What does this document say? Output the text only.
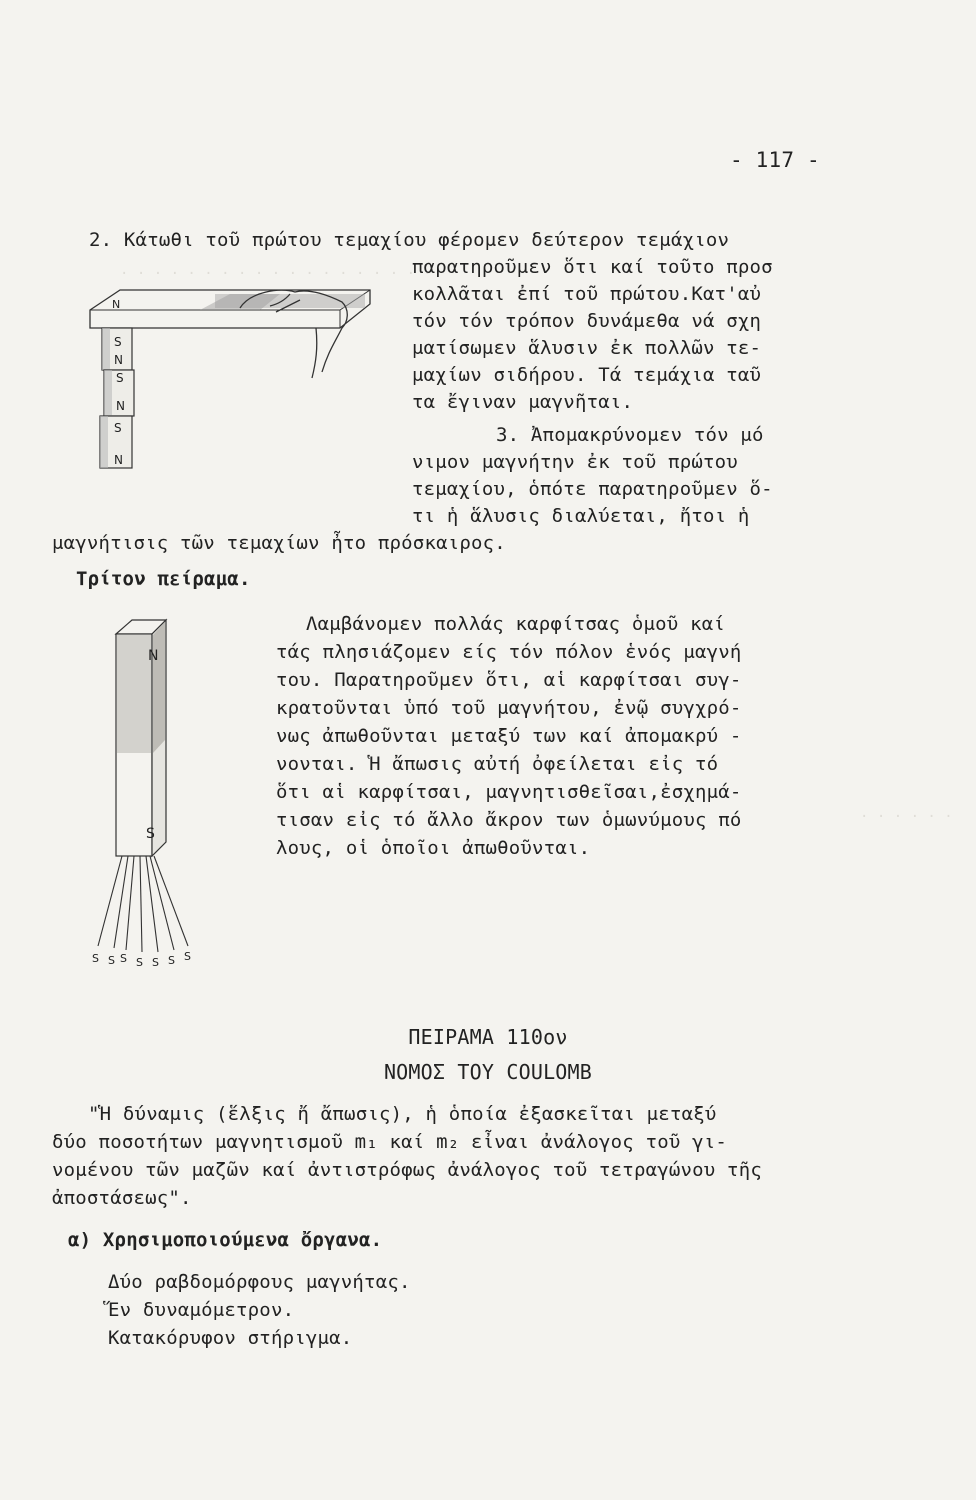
. . . . . . . . . . . . . . . . . . .
. . . . . .
- 117 -
2. Κάτωθι τοῦ πρώτου τεμαχίου φέρομεν δεύτερον τεμάχιον
παρατηροῦμεν ὅτι καί τοῦτο προσ
κολλᾶται ἐπί τοῦ πρώτου.Κατ'αὐ
τόν τόν τρόπον δυνάμεθα νά σχη
ματίσωμεν ἅλυσιν ἐκ πολλῶν τε-
μαχίων σιδήρου. Τά τεμάχια ταῦ
τα ἔγιναν μαγνῆται.
3. Ἀπομακρύνομεν τόν μό
νιμον μαγνήτην ἐκ τοῦ πρώτου
τεμαχίου, ὁπότε παρατηροῦμεν ὅ-
τι ἡ ἅλυσις διαλύεται, ἤτοι ἡ
μαγνήτισις τῶν τεμαχίων ἦτο πρόσκαιρος.
Τρίτον πείραμα.
Λαμβάνομεν πολλάς καρφίτσας ὁμοῦ καί
τάς πλησιάζομεν είς τόν πόλον ἑνός μαγνή
του. Παρατηροῦμεν ὅτι, αἱ καρφίτσαι συγ-
κρατοῦνται ὑπό τοῦ μαγνήτου, ἐνῷ συγχρό-
νως ἀπωθοῦνται μεταξύ των καί ἀπομακρύ -
νονται. Ἡ ἄπωσις αὐτή ὀφείλεται εἰς τό
ὅτι αἱ καρφίτσαι, μαγνητισθεῖσαι,ἐσχημά-
τισαν εἰς τό ἄλλο ἄκρον των ὁμωνύμους πό
λους, οἱ ὁποῖοι ἀπωθοῦνται.
N
S
N
S
N
S
N
N
S
S S S S S S S
ΠΕΙΡΑΜΑ 110ον
ΝΟΜΟΣ ΤΟΥ COULOMB
"Ἡ δύναμις (ἕλξις ἤ ἄπωσις), ἡ ὁποία ἐξασκεῖται μεταξύ
δύο ποσοτήτων μαγνητισμοῦ m₁ καί m₂ εἶναι ἀνάλογος τοῦ γι-
νομένου τῶν μαζῶν καί ἀντιστρόφως ἀνάλογος τοῦ τετραγώνου τῆς
ἀποστάσεως".
α) Χρησιμοποιούμενα ὄργανα.
Δύο ραβδομόρφους μαγνήτας.
Ἕν δυναμόμετρον.
Κατακόρυφον στήριγμα.
